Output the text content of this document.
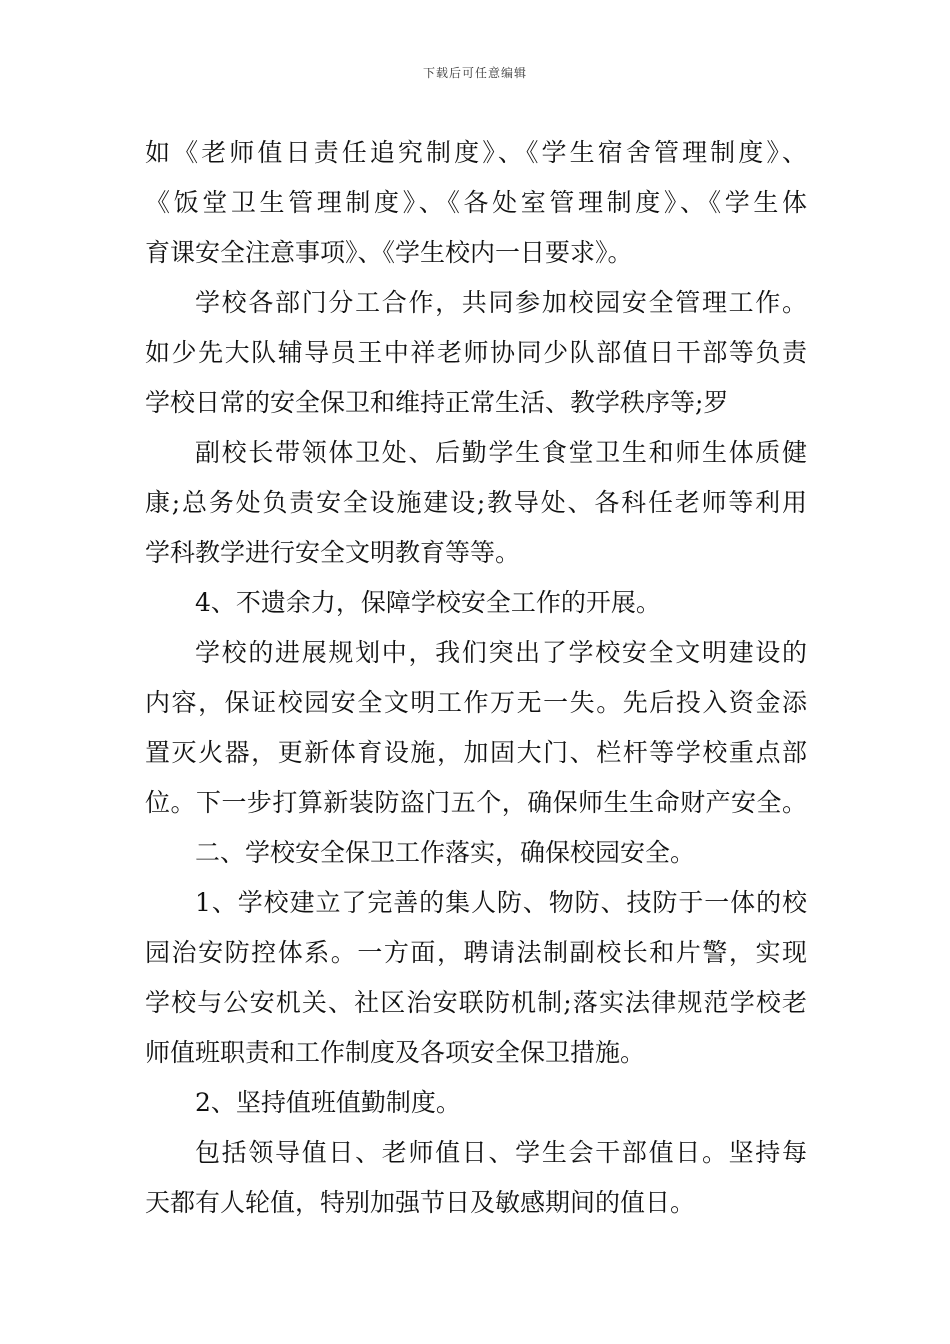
下载后可任意编辑
如《老师值日责任追究制度》、《学生宿舍管理制度》、
《饭堂卫生管理制度》、《各处室管理制度》、《学生体
育课安全注意事项》、《学生校内一日要求》。
学校各部门分工合作，共同参加校园安全管理工作。
如少先大队辅导员王中祥老师协同少队部值日干部等负责
学校日常的安全保卫和维持正常生活、教学秩序等;罗
副校长带领体卫处、后勤学生食堂卫生和师生体质健
康;总务处负责安全设施建设;教导处、各科任老师等利用
学科教学进行安全文明教育等等。
4、不遗余力，保障学校安全工作的开展。
学校的进展规划中，我们突出了学校安全文明建设的
内容，保证校园安全文明工作万无一失。先后投入资金添
置灭火器，更新体育设施，加固大门、栏杆等学校重点部
位。下一步打算新装防盗门五个，确保师生生命财产安全。
二、学校安全保卫工作落实，确保校园安全。
1、学校建立了完善的集人防、物防、技防于一体的校
园治安防控体系。一方面，聘请法制副校长和片警，实现
学校与公安机关、社区治安联防机制;落实法律规范学校老
师值班职责和工作制度及各项安全保卫措施。
2、坚持值班值勤制度。
包括领导值日、老师值日、学生会干部值日。坚持每
天都有人轮值，特别加强节日及敏感期间的值日。
